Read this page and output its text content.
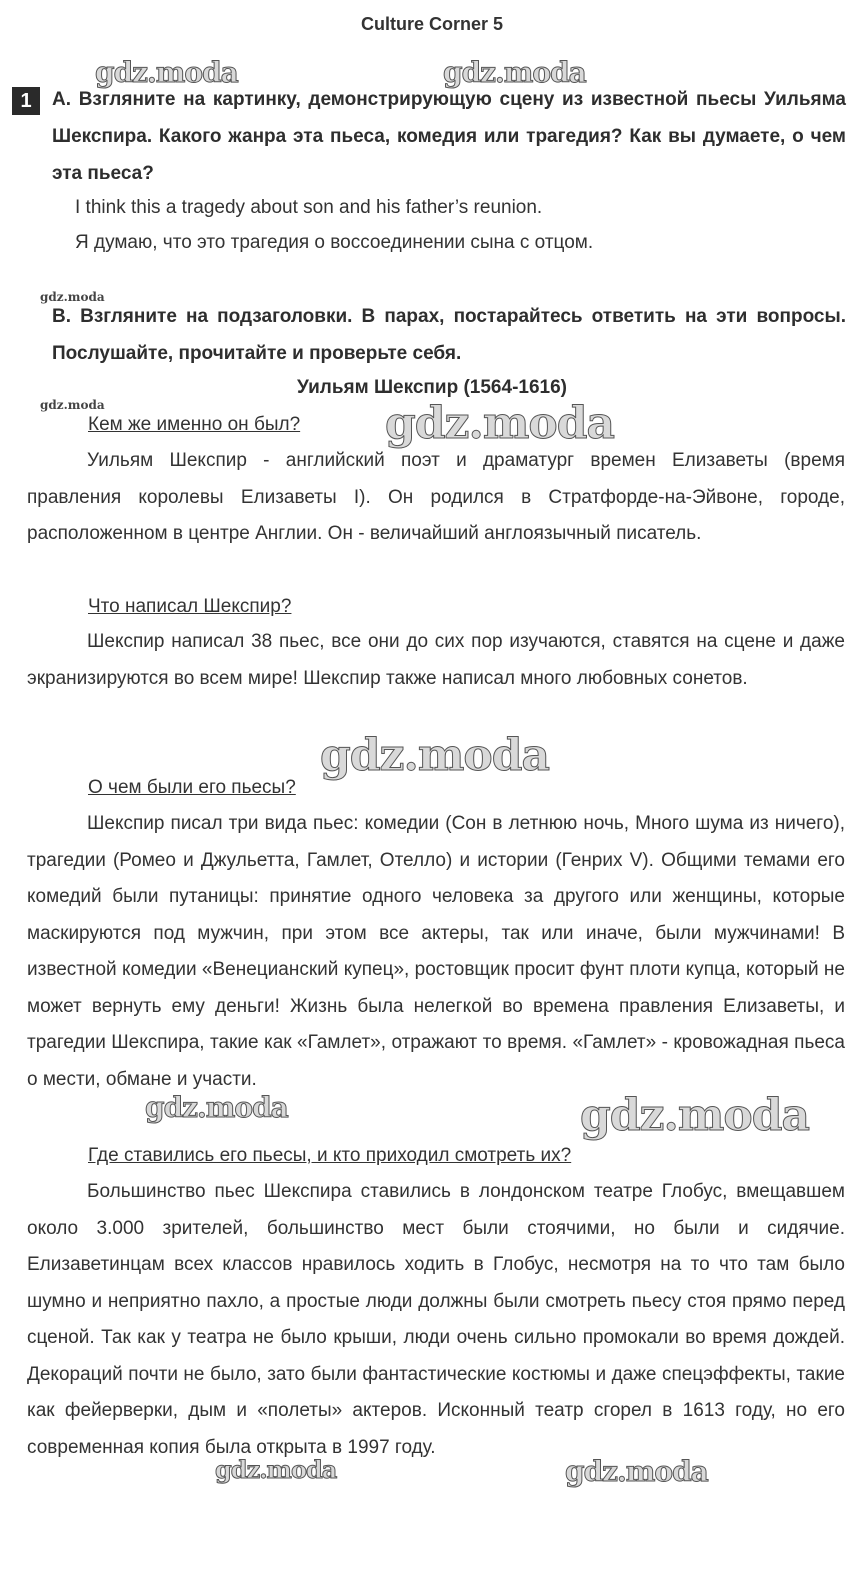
Culture Corner 5
1	A. Взгляните на картинку, демонстрирующую сцену из известной пьесы Уильяма Шекспира. Какого жанра эта пьеса, комедия или трагедия? Как вы думаете, о чем эта пьеса?
I think this a tragedy about son and his father’s reunion.
Я думаю, что это трагедия о воссоединении сына с отцом.
B. Взгляните на подзаголовки. В парах, постарайтесь ответить на эти вопросы. Послушайте, прочитайте и проверьте себя.
Уильям Шекспир (1564-1616)
Кем же именно он был?

Уильям Шекспир - английский поэт и драматург времен Елизаветы (время правления королевы Елизаветы I). Он родился в Стратфорде-на-Эйвоне, городе, расположенном в центре Англии. Он - величайший англоязычный писатель.

Что написал Шекспир?

Шекспир написал 38 пьес, все они до сих пор изучаются, ставятся на сцене и даже экранизируются во всем мире! Шекспир также написал много любовных сонетов.

О чем были его пьесы?

Шекспир писал три вида пьес: комедии (Сон в летнюю ночь, Много шума из ничего), трагедии (Ромео и Джульетта, Гамлет, Отелло) и истории (Генрих V). Общими темами его комедий были путаницы: принятие одного человека за другого или женщины, которые маскируются под мужчин, при этом все актеры, так или иначе, были мужчинами! В известной комедии «Венецианский купец», ростовщик просит фунт плоти купца, который не может вернуть ему деньги! Жизнь была нелегкой во времена правления Елизаветы, и трагедии Шекспира, такие как «Гамлет», отражают то время. «Гамлет» - кровожадная пьеса о мести, обмане и участи.

Где ставились его пьесы, и кто приходил смотреть их?

Большинство пьес Шекспира ставились в лондонском театре Глобус, вмещавшем около 3.000 зрителей, большинство мест были стоячими, но были и сидячие. Елизаветинцам всех классов нравилось ходить в Глобус, несмотря на то что там было шумно и неприятно пахло, а простые люди должны были смотреть пьесу стоя прямо перед сценой. Так как у театра не было крыши, люди очень сильно промокали во время дождей. Декораций почти не было, зато были фантастические костюмы и даже спецэффекты, такие как фейерверки, дым и «полеты» актеров. Исконный театр сгорел в 1613 году, но его современная копия была открыта в 1997 году.

gdz.moda	gdz.moda
gdz.moda
gdz.moda	gdz.moda
gdz.moda
gdz.moda	gdz.moda
gdz.moda	gdz.moda
